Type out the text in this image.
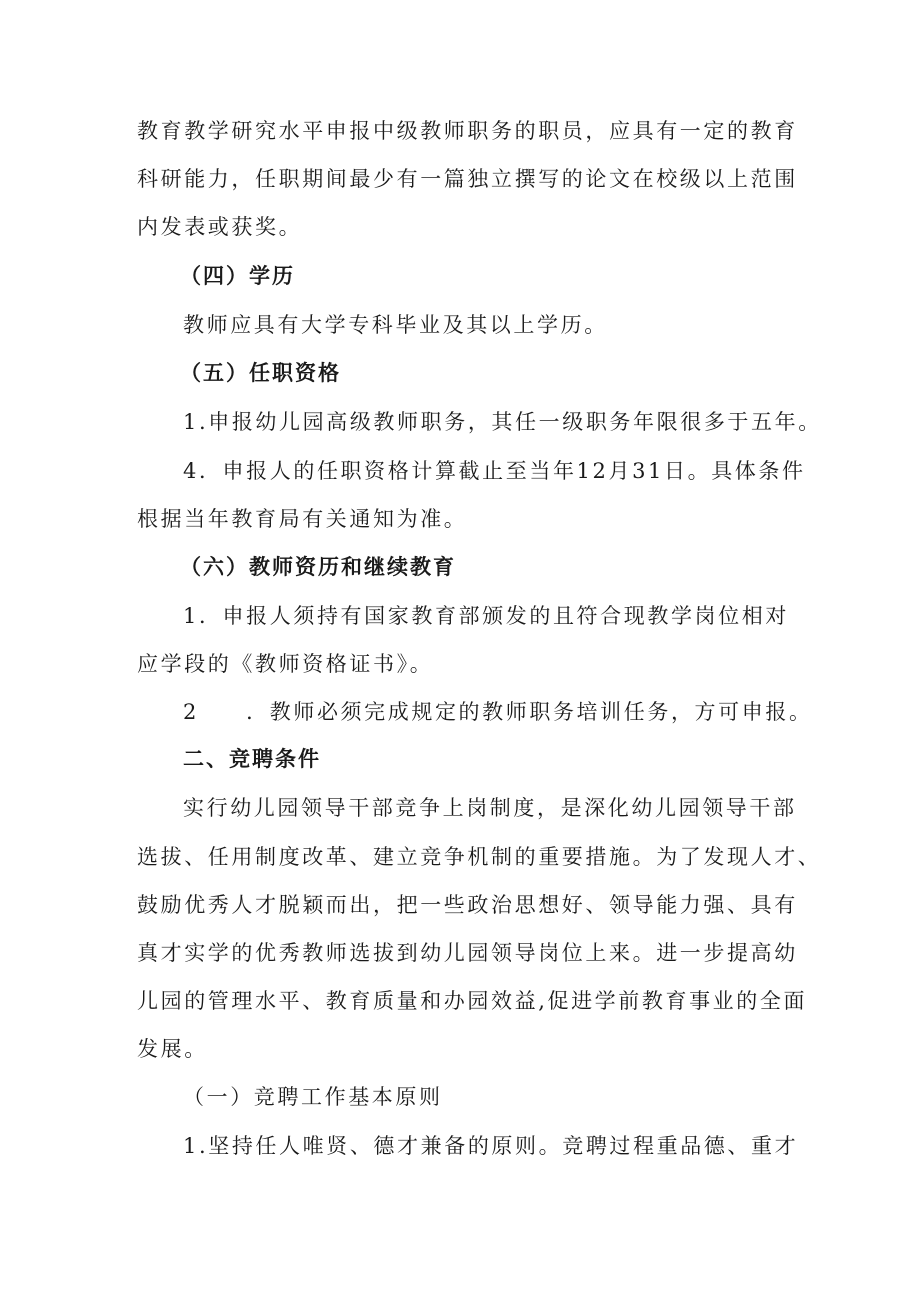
教育教学研究水平申报中级教师职务的职员，应具有一定的教育
科研能力，任职期间最少有一篇独立撰写的论文在校级以上范围
内发表或获奖。
（四）学历
教师应具有大学专科毕业及其以上学历。
（五）任职资格
1.申报幼儿园高级教师职务，其任一级职务年限很多于五年。
4．申报人的任职资格计算截止至当年12月31日。具体条件
根据当年教育局有关通知为准。
（六）教师资历和继续教育
1．申报人须持有国家教育部颁发的且符合现教学岗位相对
应学段的《教师资格证书》。
2　　．教师必须完成规定的教师职务培训任务，方可申报。
二、竞聘条件
实行幼儿园领导干部竞争上岗制度，是深化幼儿园领导干部
选拔、任用制度改革、建立竞争机制的重要措施。为了发现人才、
鼓励优秀人才脱颖而出，把一些政治思想好、领导能力强、具有
真才实学的优秀教师选拔到幼儿园领导岗位上来。进一步提高幼
儿园的管理水平、教育质量和办园效益,促进学前教育事业的全面
发展。
（一）竞聘工作基本原则
1.坚持任人唯贤、德才兼备的原则。竞聘过程重品德、重才
